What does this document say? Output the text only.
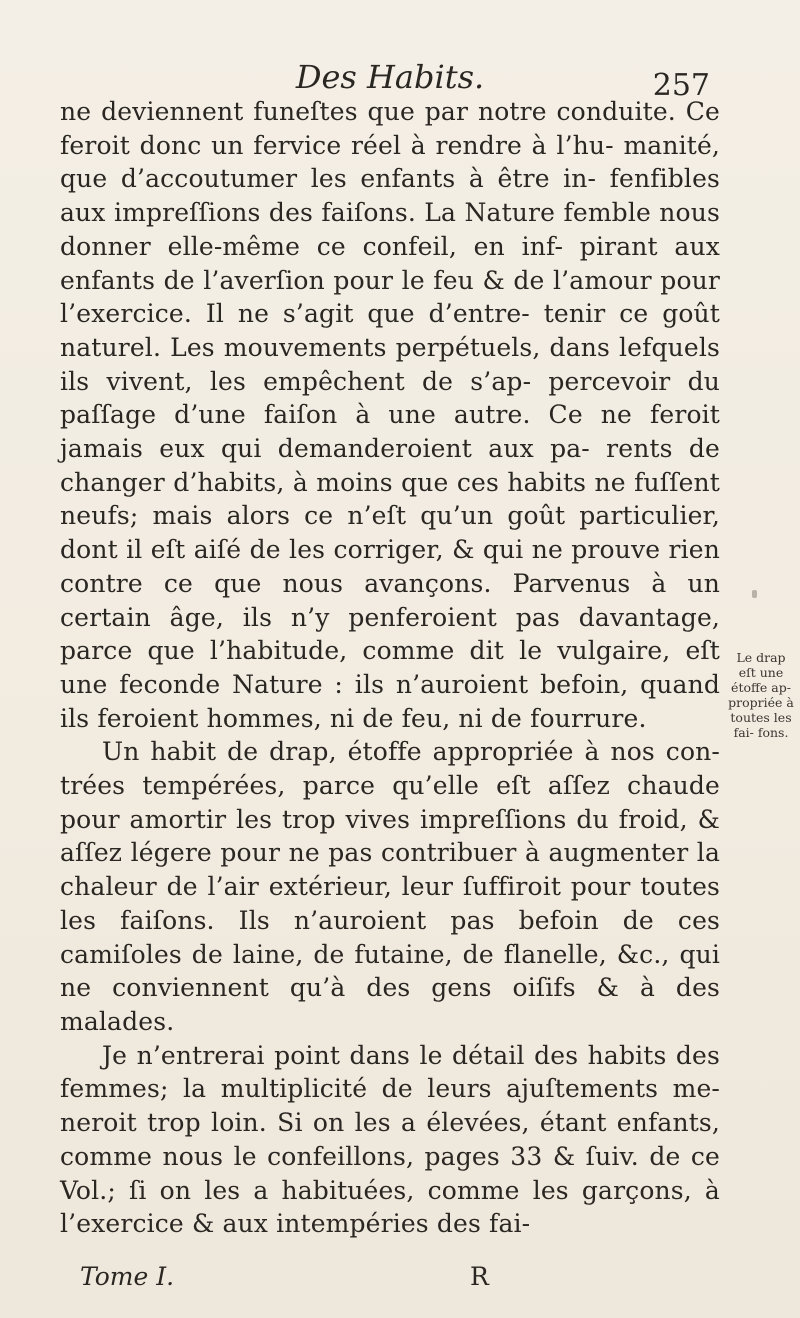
Des Habits.	257

ne deviennent funeſtes que par notre conduite. Ce feroit donc un fervice réel à rendre à l’hu- manité, que d’accoutumer les enfants à être in- fenfibles aux impreſſions des faiſons. La Nature femble nous donner elle-même ce confeil, en inf- pirant aux enfants de l’averſion pour le feu & de l’amour pour l’exercice. Il ne s’agit que d’entre- tenir ce goût naturel. Les mouvements perpétuels, dans lefquels ils vivent, les empêchent de s’ap- percevoir du paſſage d’une faiſon à une autre. Ce ne feroit jamais eux qui demanderoient aux pa- rents de changer d’habits, à moins que ces habits ne fuſſent neufs; mais alors ce n’eſt qu’un goût particulier, dont il eſt aiſé de les corriger, & qui ne prouve rien contre ce que nous avançons. Parvenus à un certain âge, ils n’y penferoient pas davantage, parce que l’habitude, comme dit le vulgaire, eſt une feconde Nature : ils n’auroient befoin, quand ils feroient hommes, ni de feu, ni de fourrure.

Un habit de drap, étoffe appropriée à nos con- trées tempérées, parce qu’elle eſt aſſez chaude pour amortir les trop vives impreſſions du froid, & aſſez légere pour ne pas contribuer à augmenter la chaleur de l’air extérieur, leur ſuffiroit pour toutes les faiſons. Ils n’auroient pas befoin de ces camiſoles de laine, de futaine, de flanelle, &c., qui ne conviennent qu’à des gens oiſifs & à des malades.

Je n’entrerai point dans le détail des habits des femmes; la multiplicité de leurs ajuſtements me- neroit trop loin. Si on les a élevées, étant enfants, comme nous le confeillons, pages 33 & ſuiv. de ce Vol.; ſi on les a habituées, comme les garçons, à l’exercice & aux intempéries des fai-

Le drap eſt une étoffe ap- propriée à toutes les fai- fons.
Tome I.	R
